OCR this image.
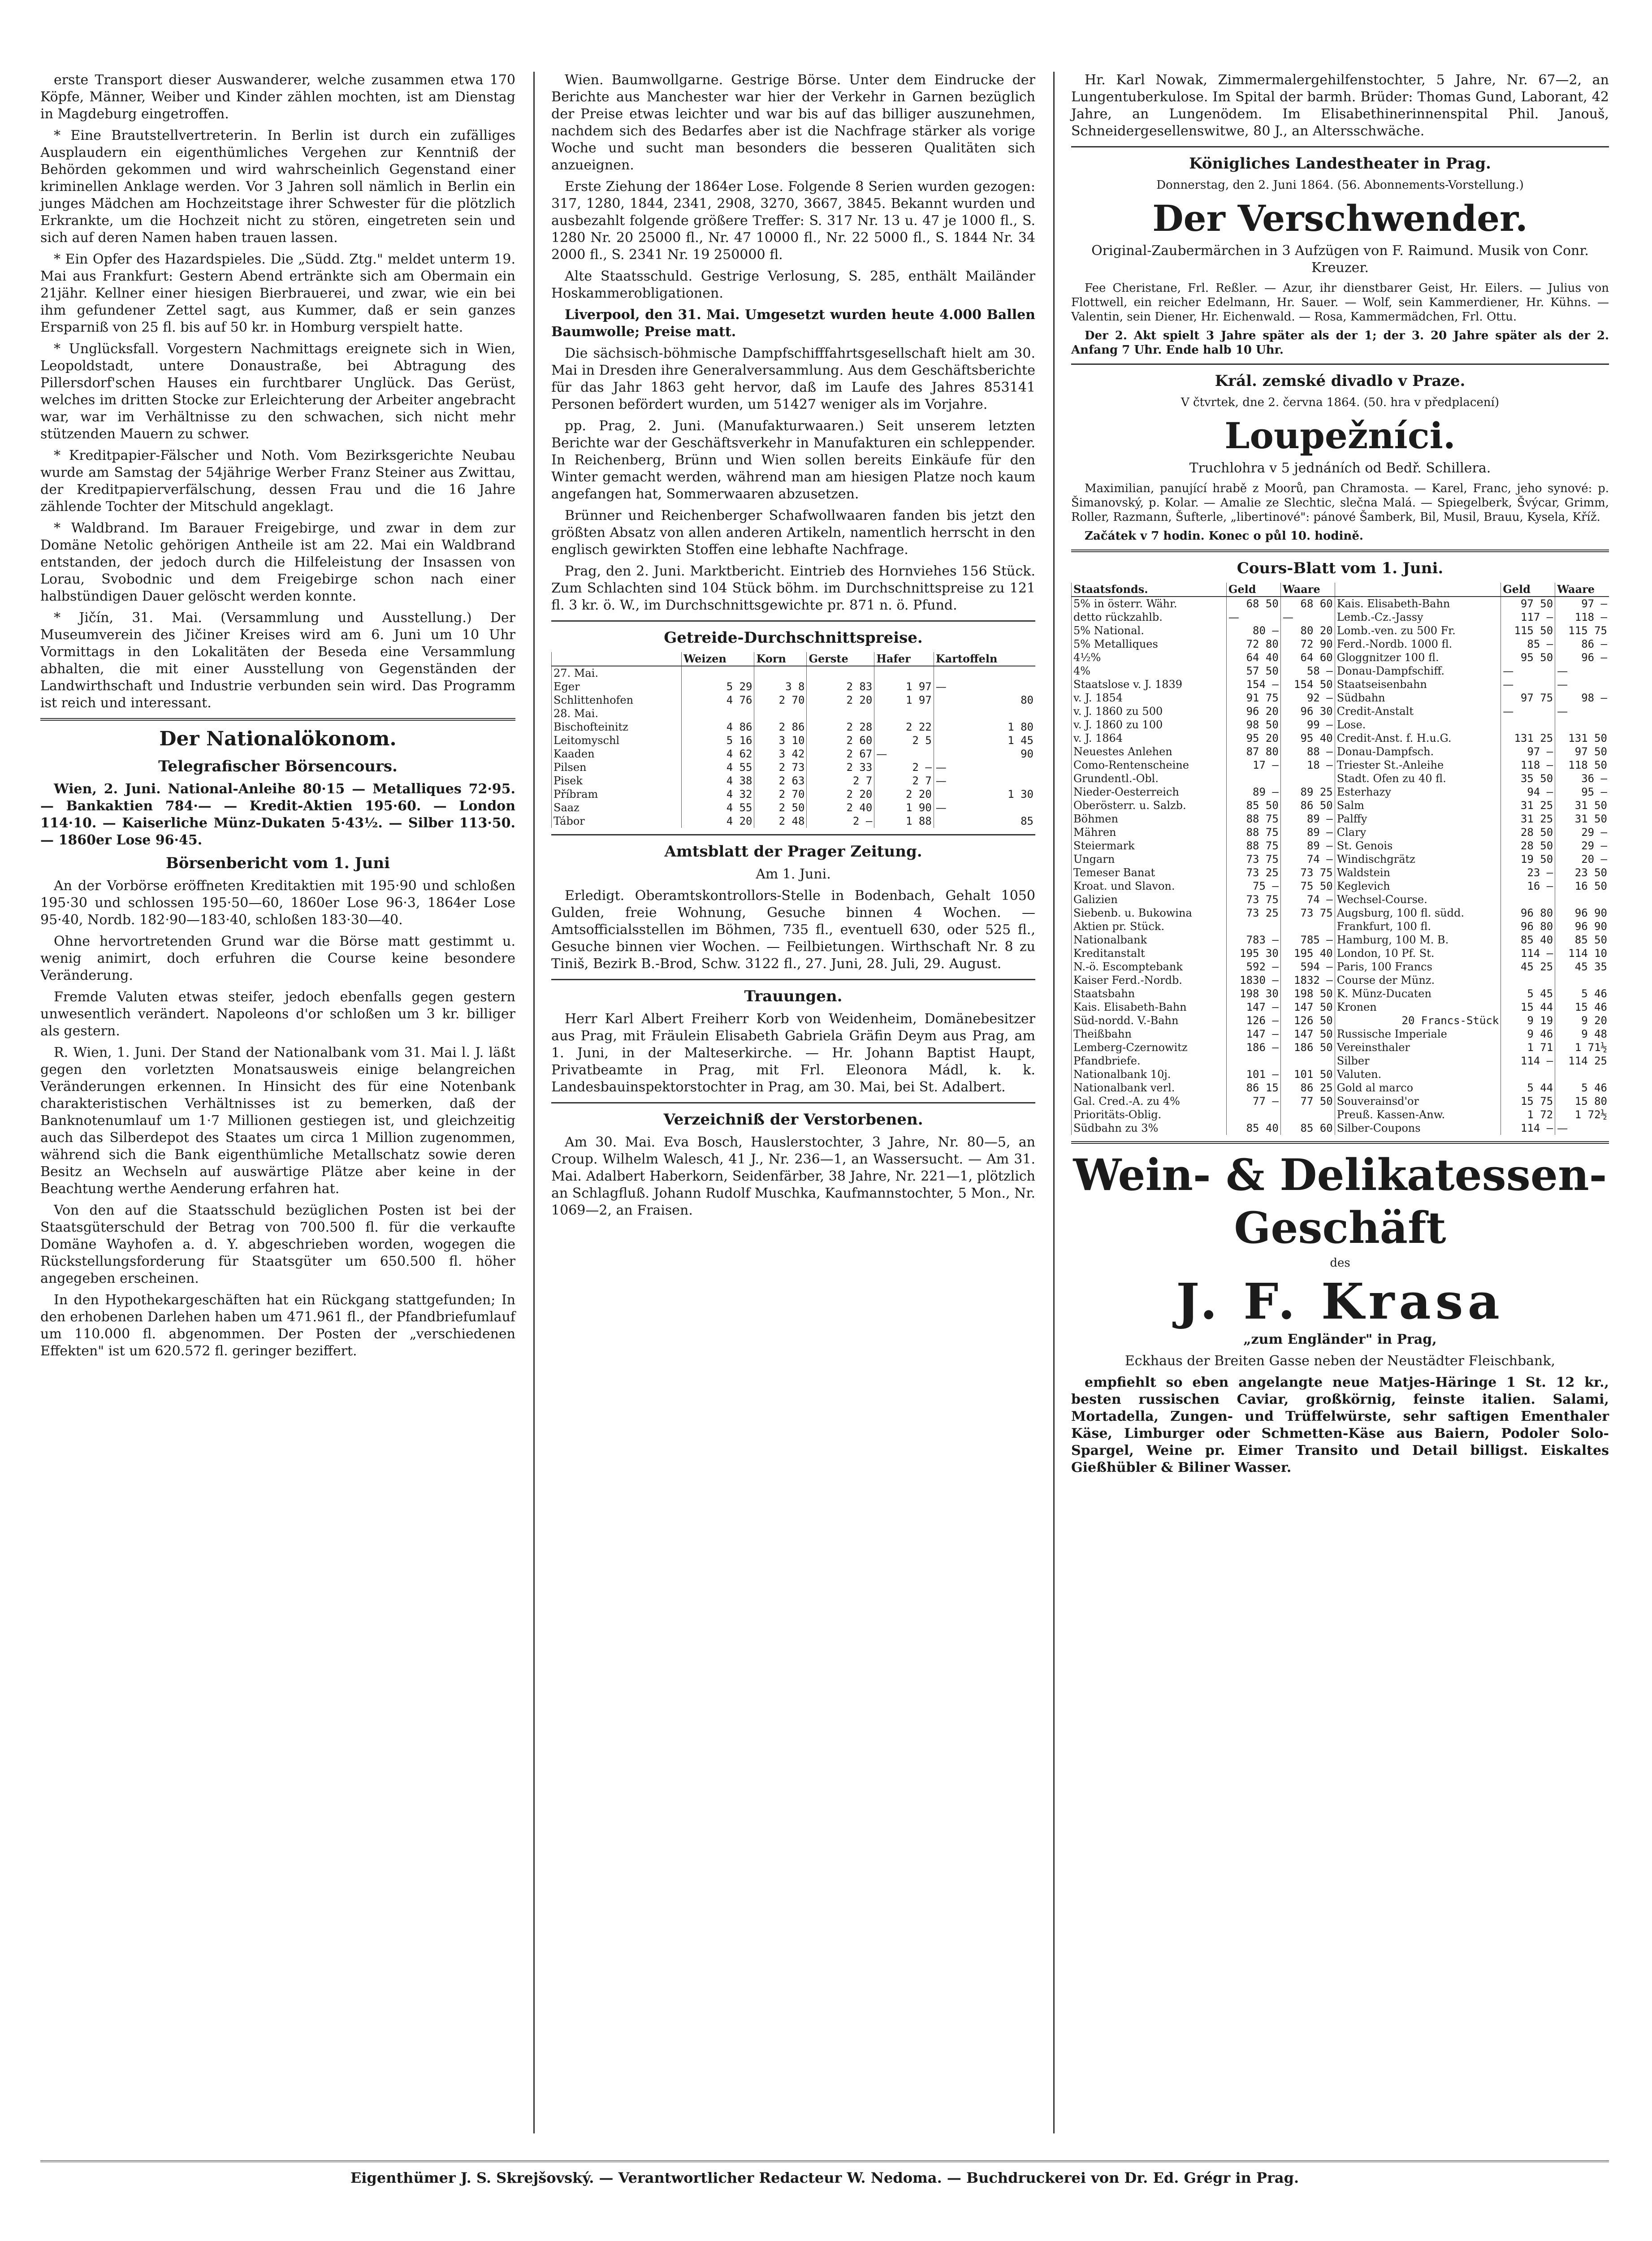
erste Transport dieser Auswanderer, welche zusammen etwa 170 Köpfe, Männer, Weiber und Kinder zählen mochten, ist am Dienstag in Magdeburg eingetroffen.

* Eine Brautstellvertreterin. In Berlin ist durch ein zufälliges Ausplaudern ein eigenthümliches Vergehen zur Kenntniß der Behörden gekommen und wird wahrscheinlich Gegenstand einer kriminellen Anklage werden. Vor 3 Jahren soll nämlich in Berlin ein junges Mädchen am Hochzeitstage ihrer Schwester für die plötzlich Erkrankte, um die Hochzeit nicht zu stören, eingetreten sein und sich auf deren Namen haben trauen lassen.

* Ein Opfer des Hazardspieles. Die „Südd. Ztg." meldet unterm 19. Mai aus Frankfurt: Gestern Abend ertränkte sich am Obermain ein 21jähr. Kellner einer hiesigen Bierbrauerei, und zwar, wie ein bei ihm gefundener Zettel sagt, aus Kummer, daß er sein ganzes Ersparniß von 25 fl. bis auf 50 kr. in Homburg verspielt hatte.

* Unglücksfall. Vorgestern Nachmittags ereignete sich in Wien, Leopoldstadt, untere Donaustraße, bei Abtragung des Pillersdorf'schen Hauses ein furchtbarer Unglück. Das Gerüst, welches im dritten Stocke zur Erleichterung der Arbeiter angebracht war, war im Verhältnisse zu den schwachen, sich nicht mehr stützenden Mauern zu schwer.

* Kreditpapier-Fälscher und Noth. Vom Bezirksgerichte Neubau wurde am Samstag der 54jährige Werber Franz Steiner aus Zwittau, der Kreditpapierverfälschung, dessen Frau und die 16 Jahre zählende Tochter der Mitschuld angeklagt.

* Waldbrand. Im Barauer Freigebirge, und zwar in dem zur Domäne Netolic gehörigen Antheile ist am 22. Mai ein Waldbrand entstanden, der jedoch durch die Hilfeleistung der Insassen von Lorau, Svobodnic und dem Freigebirge schon nach einer halbstündigen Dauer gelöscht werden konnte.

* Jičín, 31. Mai. (Versammlung und Ausstellung.) Der Museumverein des Jičiner Kreises wird am 6. Juni um 10 Uhr Vormittags in den Lokalitäten der Beseda eine Versammlung abhalten, die mit einer Ausstellung von Gegenständen der Landwirthschaft und Industrie verbunden sein wird. Das Programm ist reich und interessant.

Der Nationalökonom.
Telegrafischer Börsencours.

Wien, 2. Juni. National-Anleihe 80·15 — Metalliques 72·95. — Bankaktien 784·— — Kredit-Aktien 195·60. — London 114·10. — Kaiserliche Münz-Dukaten 5·43½. — Silber 113·50. — 1860er Lose 96·45.

Börsenbericht vom 1. Juni

An der Vorbörse eröffneten Kreditaktien mit 195·90 und schloßen 195·30 und schlossen 195·50—60, 1860er Lose 96·3, 1864er Lose 95·40, Nordb. 182·90—183·40, schloßen 183·30—40.

Ohne hervortretenden Grund war die Börse matt gestimmt u. wenig animirt, doch erfuhren die Course keine besondere Veränderung.

Fremde Valuten etwas steifer, jedoch ebenfalls gegen gestern unwesentlich verändert. Napoleons d'or schloßen um 3 kr. billiger als gestern.

R. Wien, 1. Juni. Der Stand der Nationalbank vom 31. Mai l. J. läßt gegen den vorletzten Monatsausweis einige belangreichen Veränderungen erkennen. In Hinsicht des für eine Notenbank charakteristischen Verhältnisses ist zu bemerken, daß der Banknotenumlauf um 1·7 Millionen gestiegen ist, und gleichzeitig auch das Silberdepot des Staates um circa 1 Million zugenommen, während sich die Bank eigenthümliche Metallschatz sowie deren Besitz an Wechseln auf auswärtige Plätze aber keine in der Beachtung werthe Aenderung erfahren hat.

Von den auf die Staatsschuld bezüglichen Posten ist bei der Staatsgüterschuld der Betrag von 700.500 fl. für die verkaufte Domäne Wayhofen a. d. Y. abgeschrieben worden, wogegen die Rückstellungsforderung für Staatsgüter um 650.500 fl. höher angegeben erscheinen.

In den Hypothekargeschäften hat ein Rückgang stattgefunden; In den erhobenen Darlehen haben um 471.961 fl., der Pfandbriefumlauf um 110.000 fl. abgenommen. Der Posten der „verschiedenen Effekten" ist um 620.572 fl. geringer beziffert.

Wien. Baumwollgarne. Gestrige Börse. Unter dem Eindrucke der Berichte aus Manchester war hier der Verkehr in Garnen bezüglich der Preise etwas leichter und war bis auf das billiger auszunehmen, nachdem sich des Bedarfes aber ist die Nachfrage stärker als vorige Woche und sucht man besonders die besseren Qualitäten sich anzueignen.

Erste Ziehung der 1864er Lose. Folgende 8 Serien wurden gezogen: 317, 1280, 1844, 2341, 2908, 3270, 3667, 3845. Bekannt wurden und ausbezahlt folgende größere Treffer: S. 317 Nr. 13 u. 47 je 1000 fl., S. 1280 Nr. 20 25000 fl., Nr. 47 10000 fl., Nr. 22 5000 fl., S. 1844 Nr. 34 2000 fl., S. 2341 Nr. 19 250000 fl.

Alte Staatsschuld. Gestrige Verlosung, S. 285, enthält Mailänder Hoskammerobligationen.

Liverpool, den 31. Mai. Umgesetzt wurden heute 4.000 Ballen Baumwolle; Preise matt.

Die sächsisch-böhmische Dampfschifffahrtsgesellschaft hielt am 30. Mai in Dresden ihre Generalversammlung. Aus dem Geschäftsberichte für das Jahr 1863 geht hervor, daß im Laufe des Jahres 853141 Personen befördert wurden, um 51427 weniger als im Vorjahre.

pp. Prag, 2. Juni. (Manufakturwaaren.) Seit unserem letzten Berichte war der Geschäftsverkehr in Manufakturen ein schleppender. In Reichenberg, Brünn und Wien sollen bereits Einkäufe für den Winter gemacht werden, während man am hiesigen Platze noch kaum angefangen hat, Sommerwaaren abzusetzen.

Brünner und Reichenberger Schafwollwaaren fanden bis jetzt den größten Absatz von allen anderen Artikeln, namentlich herrscht in den englisch gewirkten Stoffen eine lebhafte Nachfrage.

Prag, den 2. Juni. Marktbericht. Eintrieb des Hornviehes 156 Stück. Zum Schlachten sind 104 Stück böhm. im Durchschnittspreise zu 121 fl. 3 kr. ö. W., im Durchschnittsgewichte pr. 871 n. ö. Pfund.

Getreide-Durchschnittspreise.
	Weizen	Korn	Gerste	Hafer	Kartoffeln
27. Mai.					
Eger	5 29	3 8	2 83	1 97	—
Schlittenhofen	4 76	2 70	2 20	1 97	80
28. Mai.					
Bischofteinitz	4 86	2 86	2 28	2 22	1 80
Leitomyschl	5 16	3 10	2 60	2 5	1 45
Kaaden	4 62	3 42	2 67	—	90
Pilsen	4 55	2 73	2 33	2 —	—
Pisek	4 38	2 63	2 7	2 7	—
Příbram	4 32	2 70	2 20	2 20	1 30
Saaz	4 55	2 50	2 40	1 90	—
Tábor	4 20	2 48	2 —	1 88	85
Amtsblatt der Prager Zeitung.

Am 1. Juni.

Erledigt. Oberamtskontrollors-Stelle in Bodenbach, Gehalt 1050 Gulden, freie Wohnung, Gesuche binnen 4 Wochen. — Amtsofficialsstellen im Böhmen, 735 fl., eventuell 630, oder 525 fl., Gesuche binnen vier Wochen. — Feilbietungen. Wirthschaft Nr. 8 zu Tiniš, Bezirk B.-Brod, Schw. 3122 fl., 27. Juni, 28. Juli, 29. August.

Trauungen.

Herr Karl Albert Freiherr Korb von Weidenheim, Domänebesitzer aus Prag, mit Fräulein Elisabeth Gabriela Gräfin Deym aus Prag, am 1. Juni, in der Malteserkirche. — Hr. Johann Baptist Haupt, Privatbeamte in Prag, mit Frl. Eleonora Mádl, k. k. Landesbauinspektorstochter in Prag, am 30. Mai, bei St. Adalbert.

Verzeichniß der Verstorbenen.

Am 30. Mai. Eva Bosch, Hauslerstochter, 3 Jahre, Nr. 80—5, an Croup. Wilhelm Walesch, 41 J., Nr. 236—1, an Wassersucht. — Am 31. Mai. Adalbert Haberkorn, Seidenfärber, 38 Jahre, Nr. 221—1, plötzlich an Schlagfluß. Johann Rudolf Muschka, Kaufmannstochter, 5 Mon., Nr. 1069—2, an Fraisen.

Hr. Karl Nowak, Zimmermalergehilfenstochter, 5 Jahre, Nr. 67—2, an Lungentuberkulose. Im Spital der barmh. Brüder: Thomas Gund, Laborant, 42 Jahre, an Lungenödem. Im Elisabethinerinnenspital Phil. Janouš, Schneidergesellenswitwe, 80 J., an Altersschwäche.

Königliches Landestheater in Prag.

Donnerstag, den 2. Juni 1864. (56. Abonnements-Vorstellung.)

Der Verschwender.

Original-Zaubermärchen in 3 Aufzügen von F. Raimund. Musik von Conr. Kreuzer.

Fee Cheristane, Frl. Reßler. — Azur, ihr dienstbarer Geist, Hr. Eilers. — Julius von Flottwell, ein reicher Edelmann, Hr. Sauer. — Wolf, sein Kammerdiener, Hr. Kühns. — Valentin, sein Diener, Hr. Eichenwald. — Rosa, Kammermädchen, Frl. Ottu.

Der 2. Akt spielt 3 Jahre später als der 1; der 3. 20 Jahre später als der 2. Anfang 7 Uhr. Ende halb 10 Uhr.

Král. zemské divadlo v Praze.

V čtvrtek, dne 2. června 1864. (50. hra v předplacení)

Loupežníci.

Truchlohra v 5 jednáních od Bedř. Schillera.

Maximilian, panující hrabě z Moorů, pan Chramosta. — Karel, Franc, jeho synové: p. Šimanovský, p. Kolar. — Amalie ze Slechtic, slečna Malá. — Spiegelberk, Švýcar, Grimm, Roller, Razmann, Šufterle, „libertinové": pánové Šamberk, Bil, Musil, Brauu, Kysela, Kříž.

Začátek v 7 hodin. Konec o půl 10. hodině.

Cours-Blatt vom 1. Juni.
Staatsfonds.	Geld	Waare		Geld	Waare
5% in österr. Währ.	68 50	68 60	Kais. Elisabeth-Bahn	97 50	97 —
detto rückzahlb.	—	—	Lemb.-Cz.-Jassy	117 —	118 —
5% National.	80 —	80 20	Lomb.-ven. zu 500 Fr.	115 50	115 75
5% Metalliques	72 80	72 90	Ferd.-Nordb. 1000 fl.	85 —	86 —
4½%	64 40	64 60	Gloggnitzer 100 fl.	95 50	96 —
4%	57 50	58 —	Donau-Dampfschiff.	—	—
Staatslose v. J. 1839	154 —	154 50	Staatseisenbahn	—	—
v. J. 1854	91 75	92 —	Südbahn	97 75	98 —
v. J. 1860 zu 500	96 20	96 30	Credit-Anstalt	—	—
v. J. 1860 zu 100	98 50	99 —	Lose.		
v. J. 1864	95 20	95 40	Credit-Anst. f. H.u.G.	131 25	131 50
Neuestes Anlehen	87 80	88 —	Donau-Dampfsch.	97 —	97 50
Como-Rentenscheine	17 —	18 —	Triester St.-Anleihe	118 —	118 50
Grundentl.-Obl.			Stadt. Ofen zu 40 fl.	35 50	36 —
Nieder-Oesterreich	89 —	89 25	Esterhazy	94 —	95 —
Oberösterr. u. Salzb.	85 50	86 50	Salm	31 25	31 50
Böhmen	88 75	89 —	Palffy	31 25	31 50
Mähren	88 75	89 —	Clary	28 50	29 —
Steiermark	88 75	89 —	St. Genois	28 50	29 —
Ungarn	73 75	74 —	Windischgrätz	19 50	20 —
Temeser Banat	73 25	73 75	Waldstein	23 —	23 50
Kroat. und Slavon.	75 —	75 50	Keglevich	16 —	16 50
Galizien	73 75	74 —	Wechsel-Course.		
Siebenb. u. Bukowina	73 25	73 75	Augsburg, 100 fl. südd.	96 80	96 90
Aktien pr. Stück.			Frankfurt, 100 fl.	96 80	96 90
Nationalbank	783 —	785 —	Hamburg, 100 M. B.	85 40	85 50
Kreditanstalt	195 30	195 40	London, 10 Pf. St.	114 —	114 10
N.-ö. Escomptebank	592 —	594 —	Paris, 100 Francs	45 25	45 35
Kaiser Ferd.-Nordb.	1830 —	1832 —	Course der Münz.		
Staatsbahn	198 30	198 50	K. Münz-Ducaten	5 45	5 46
Kais. Elisabeth-Bahn	147 —	147 50	Kronen	15 44	15 46
Süd-nordd. V.-Bahn	126 —	126 50	20 Francs-Stück	9 19	9 20
Theißbahn	147 —	147 50	Russische Imperiale	9 46	9 48
Lemberg-Czernowitz	186 —	186 50	Vereinsthaler	1 71	1 71½
Pfandbriefe.			Silber	114 —	114 25
Nationalbank 10j.	101 —	101 50	Valuten.		
Nationalbank verl.	86 15	86 25	Gold al marco	5 44	5 46
Gal. Cred.-A. zu 4%	77 —	77 50	Souverainsd'or	15 75	15 80
Prioritäts-Oblig.			Preuß. Kassen-Anw.	1 72	1 72½
Südbahn zu 3%	85 40	85 60	Silber-Coupons	114 —	—
Wein- & Delikatessen-
Geschäft

des

J. F. Krasa

„zum Engländer" in Prag,

Eckhaus der Breiten Gasse neben der Neustädter Fleischbank,

empfiehlt so eben angelangte neue Matjes-Häringe 1 St. 12 kr., besten russischen Caviar, großkörnig, feinste italien. Salami, Mortadella, Zungen- und Trüffelwürste, sehr saftigen Ementhaler Käse, Limburger oder Schmetten-Käse aus Baiern, Podoler Solo-Spargel, Weine pr. Eimer Transito und Detail billigst. Eiskaltes Gießhübler & Biliner Wasser.

Eigenthümer J. S. Skrejšovský. — Verantwortlicher Redacteur W. Nedoma. — Buchdruckerei von Dr. Ed. Grégr in Prag.
